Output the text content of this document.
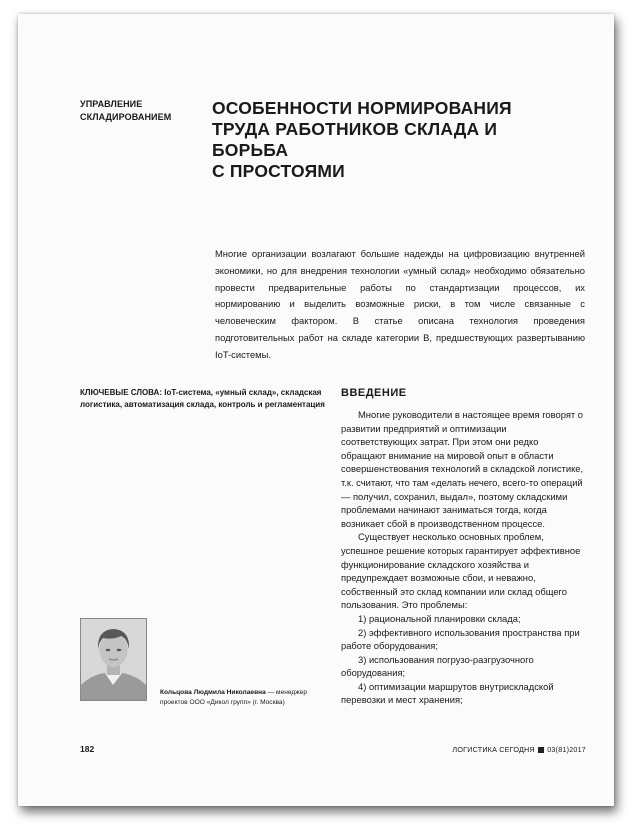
УПРАВЛЕНИЕ
СКЛАДИРОВАНИЕМ	ОСОБЕННОСТИ НОРМИРОВАНИЯ
ТРУДА РАБОТНИКОВ СКЛАДА И БОРЬБА
С ПРОСТОЯМИ

Многие организации возлагают большие надежды на цифровизацию внутренней экономики, но для внедрения технологии «умный склад» необходимо обязательно провести предварительные работы по стандартизации процессов, их нормированию и выделить возможные риски, в том числе связанные с человеческим фактором. В статье описана технология проведения подготовительных работ на складе категории B, предшествующих развертыванию IoT-системы.

КЛЮЧЕВЫЕ СЛОВА: IoT-система, «умный склад», складская логистика, автоматизация склада, контроль и регламентация
Кольцова Людмила Николаевна — менеджер проектов ООО «Дикол групп» (г. Москва)
ВВЕДЕНИЕ

Многие руководители в настоящее время говорят о развитии предприятий и оптимизации соответствующих затрат. При этом они редко обращают внимание на мировой опыт в области совершенствования технологий в складской логистике, т.к. считают, что там «делать нечего, всего-то операций — получил, сохранил, выдал», поэтому складскими проблемами начинают заниматься тогда, когда возникает сбой в производственном процессе.

Существует несколько основных проблем, успешное решение которых гарантирует эффективное функционирование складского хозяйства и предупреждает возможные сбои, и неважно, собственный это склад компании или склад общего пользования. Это проблемы:

1) рациональной планировки склада;

2) эффективного использования пространства при работе оборудования;

3) использования погрузо-разгрузочного оборудования;

4) оптимизации маршрутов внутрискладской перевозки и мест хранения;

182	ЛОГИСТИКА СЕГОДНЯ 03(81)2017
